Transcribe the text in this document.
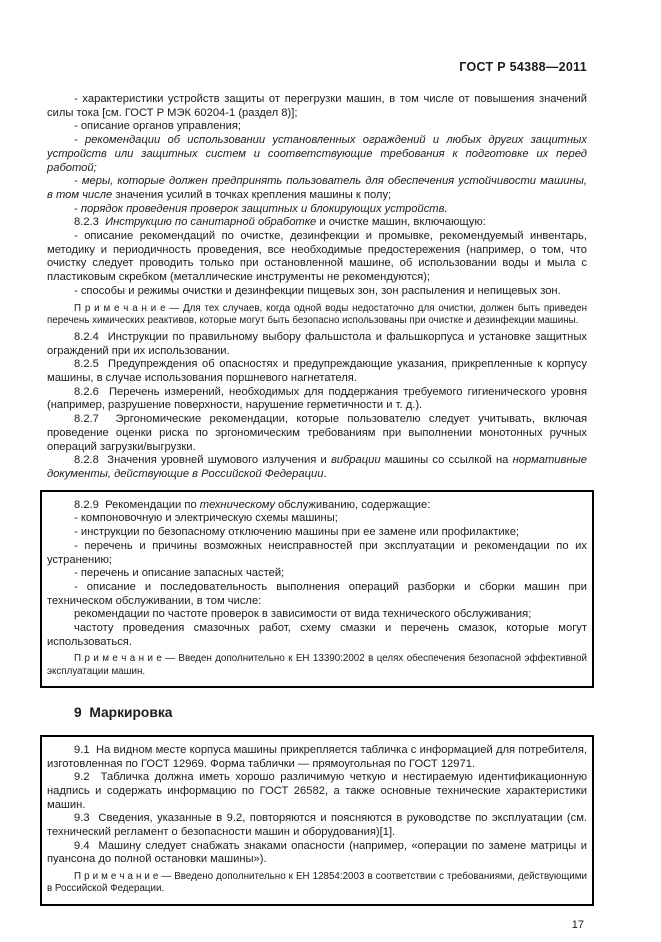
ГОСТ Р 54388—2011

- характеристики устройств защиты от перегрузки машин, в том числе от повышения значений силы тока [см. ГОСТ Р МЭК 60204-1 (раздел 8)];

- описание органов управления;

- рекомендации об использовании установленных ограждений и любых других защитных устройств или защитных систем и соответствующие требования к подготовке их перед работой;

- меры, которые должен предпринять пользователь для обеспечения устойчивости машины, в том числе значения усилий в точках крепления машины к полу;

- порядок проведения проверок защитных и блокирующих устройств.

8.2.3  Инструкцию по санитарной обработке и очистке машин, включающую:

- описание рекомендаций по очистке, дезинфекции и промывке, рекомендуемый инвентарь, методику и периодичность проведения, все необходимые предостережения (например, о том, что очистку следует проводить только при остановленной машине, об использовании воды и мыла с пластиковым скребком (металлические инструменты не рекомендуются);

- способы и режимы очистки и дезинфекции пищевых зон, зон распыления и непищевых зон.

П р и м е ч а н и е — Для тех случаев, когда одной воды недостаточно для очистки, должен быть приведен перечень химических реактивов, которые могут быть безопасно использованы при очистке и дезинфекции машины.

8.2.4  Инструкции по правильному выбору фальшстола и фальшкорпуса и установке защитных ограждений при их использовании.

8.2.5  Предупреждения об опасностях и предупреждающие указания, прикрепленные к корпусу машины, в случае использования поршневого нагнетателя.

8.2.6  Перечень измерений, необходимых для поддержания требуемого гигиенического уровня (например, разрушение поверхности, нарушение герметичности и т. д.).

8.2.7  Эргономические рекомендации, которые пользователю следует учитывать, включая проведение оценки риска по эргономическим требованиям при выполнении монотонных ручных операций загрузки/выгрузки.

8.2.8  Значения уровней шумового излучения и вибрации машины со ссылкой на нормативные документы, действующие в Российской Федерации.

8.2.9  Рекомендации по техническому обслуживанию, содержащие:

- компоновочную и электрическую схемы машины;

- инструкции по безопасному отключению машины при ее замене или профилактике;

- перечень и причины возможных неисправностей при эксплуатации и рекомендации по их устранению;

- перечень и описание запасных частей;

- описание и последовательность выполнения операций разборки и сборки машин при техническом обслуживании, в том числе:

рекомендации по частоте проверок в зависимости от вида технического обслуживания;

частоту проведения смазочных работ, схему смазки и перечень смазок, которые могут использоваться.

П р и м е ч а н и е — Введен дополнительно к ЕН 13390:2002 в целях обеспечения безопасной эффективной эксплуатации машин.

9  Маркировка

9.1  На видном месте корпуса машины прикрепляется табличка с информацией для потребителя, изготовленная по ГОСТ 12969. Форма таблички — прямоугольная по ГОСТ 12971.

9.2  Табличка должна иметь хорошо различимую четкую и нестираемую идентификационную надпись и содержать информацию по ГОСТ 26582, а также основные технические характеристики машин.

9.3  Сведения, указанные в 9.2, повторяются и поясняются в руководстве по эксплуатации (см. технический регламент о безопасности машин и оборудования)[1].

9.4  Машину следует снабжать знаками опасности (например, «операции по замене матрицы и пуансона до полной остановки машины»).

П р и м е ч а н и е — Введено дополнительно к ЕН 12854:2003 в соответствии с требованиями, действующими в Российской Федерации.

17
